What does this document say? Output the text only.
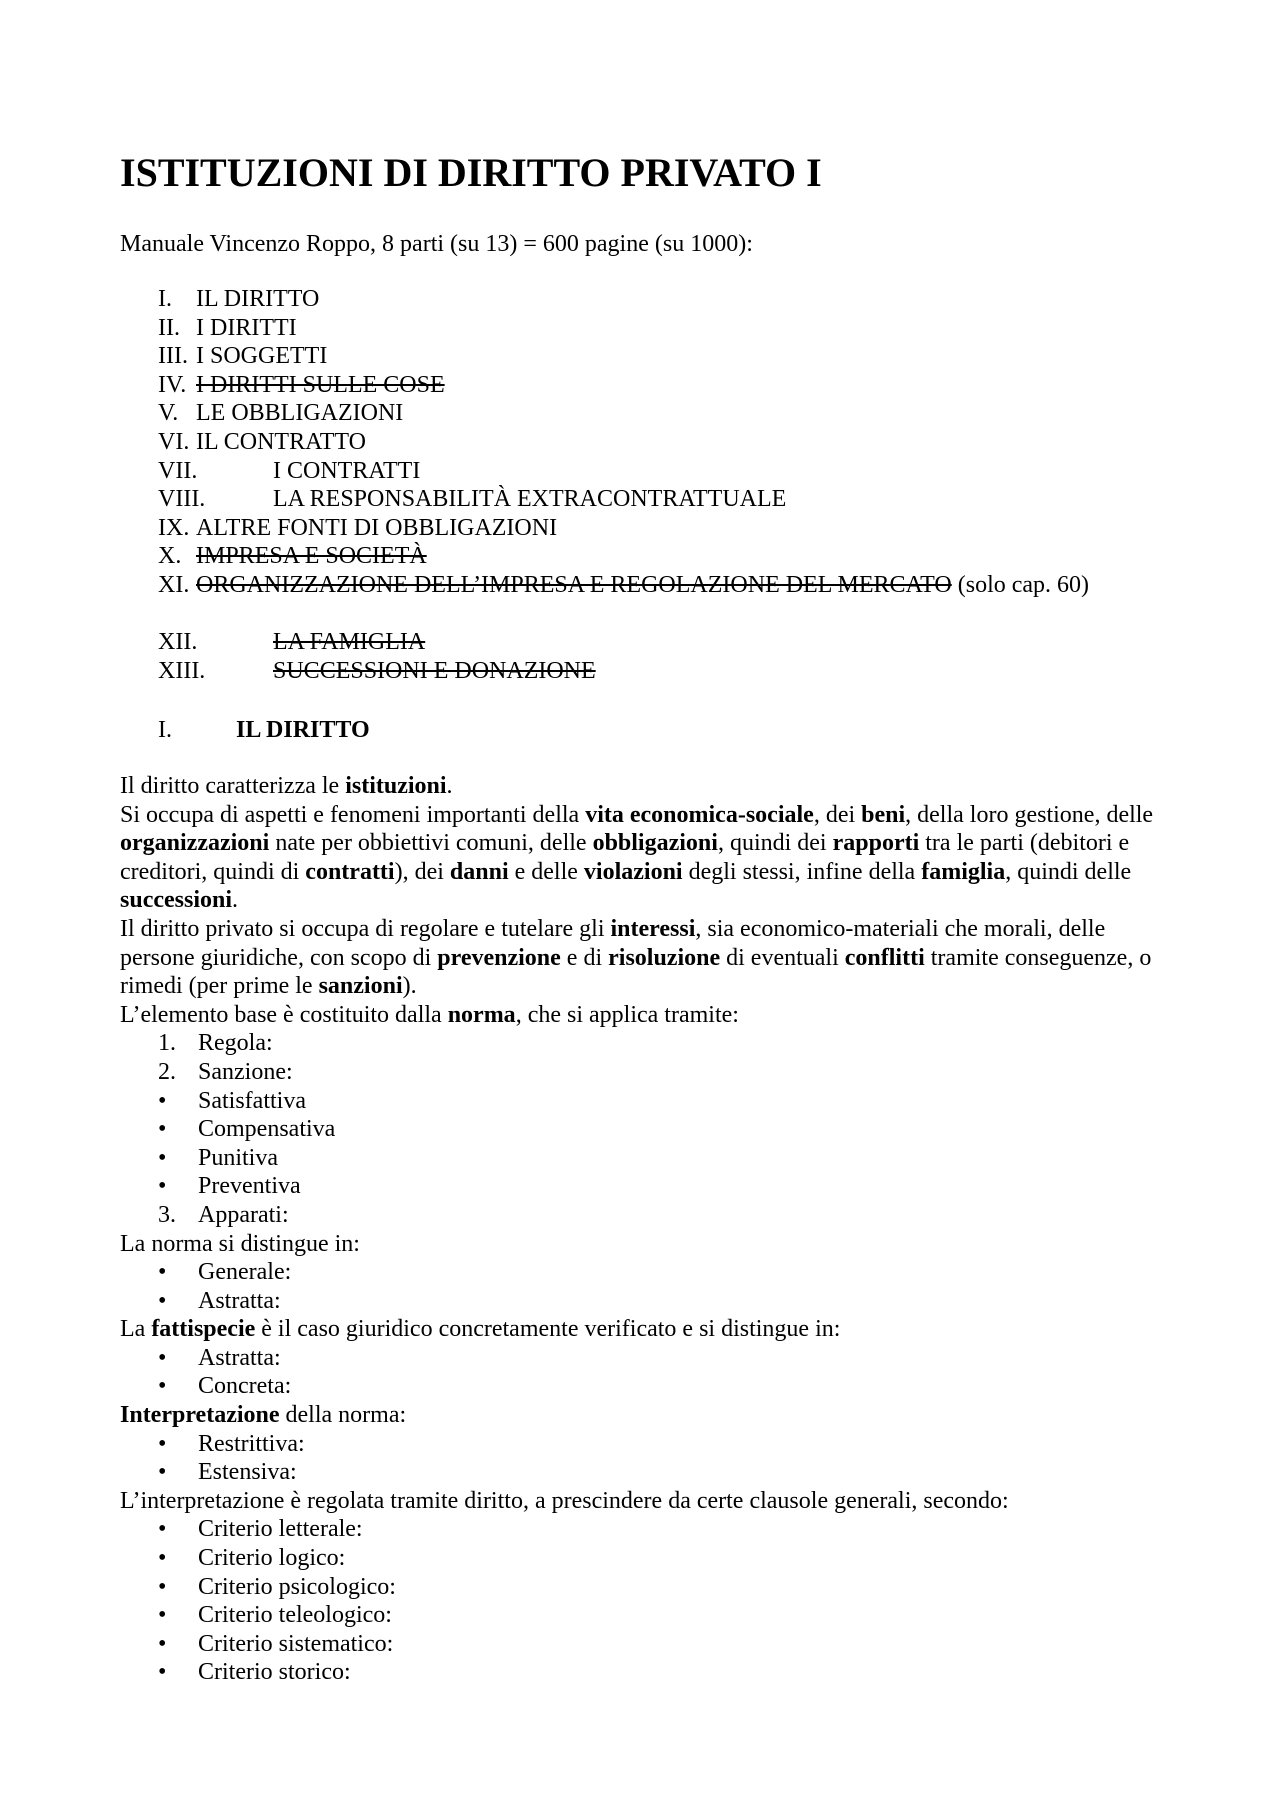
ISTITUZIONI DI DIRITTO PRIVATO I

Manuale Vincenzo Roppo, 8 parti (su 13) = 600 pagine (su 1000):

I. IL DIRITTO
II. I DIRITTI
III. I SOGGETTI
IV. I DIRITTI SULLE COSE
V. LE OBBLIGAZIONI
VI. IL CONTRATTO
VII.	I CONTRATTI
VIII.	LA RESPONSABILITÀ EXTRACONTRATTUALE
IX. ALTRE FONTI DI OBBLIGAZIONI
X. IMPRESA E SOCIETÀ
XI. ORGANIZZAZIONE DELL’IMPRESA E REGOLAZIONE DEL MERCATO (solo cap. 60)
XII.	LA FAMIGLIA
XIII.	SUCCESSIONI E DONAZIONE
I.	IL DIRITTO

Il diritto caratterizza le istituzioni.

Si occupa di aspetti e fenomeni importanti della vita economica-sociale, dei beni, della loro gestione, delle organizzazioni nate per obbiettivi comuni, delle obbligazioni, quindi dei rapporti tra le parti (debitori e creditori, quindi di contratti), dei danni e delle violazioni degli stessi, infine della famiglia, quindi delle successioni.

Il diritto privato si occupa di regolare e tutelare gli interessi, sia economico-materiali che morali, delle persone giuridiche, con scopo di prevenzione e di risoluzione di eventuali conflitti tramite conseguenze, o rimedi (per prime le sanzioni).

L’elemento base è costituito dalla norma, che si applica tramite:

1. Regola:
2. Sanzione:
• Satisfattiva
• Compensativa
• Punitiva
• Preventiva
3. Apparati:

La norma si distingue in:

• Generale:
• Astratta:

La fattispecie è il caso giuridico concretamente verificato e si distingue in:

• Astratta:
• Concreta:

Interpretazione della norma:

• Restrittiva:
• Estensiva:

L’interpretazione è regolata tramite diritto, a prescindere da certe clausole generali, secondo:

• Criterio letterale:
• Criterio logico:
• Criterio psicologico:
• Criterio teleologico:
• Criterio sistematico:
• Criterio storico:
